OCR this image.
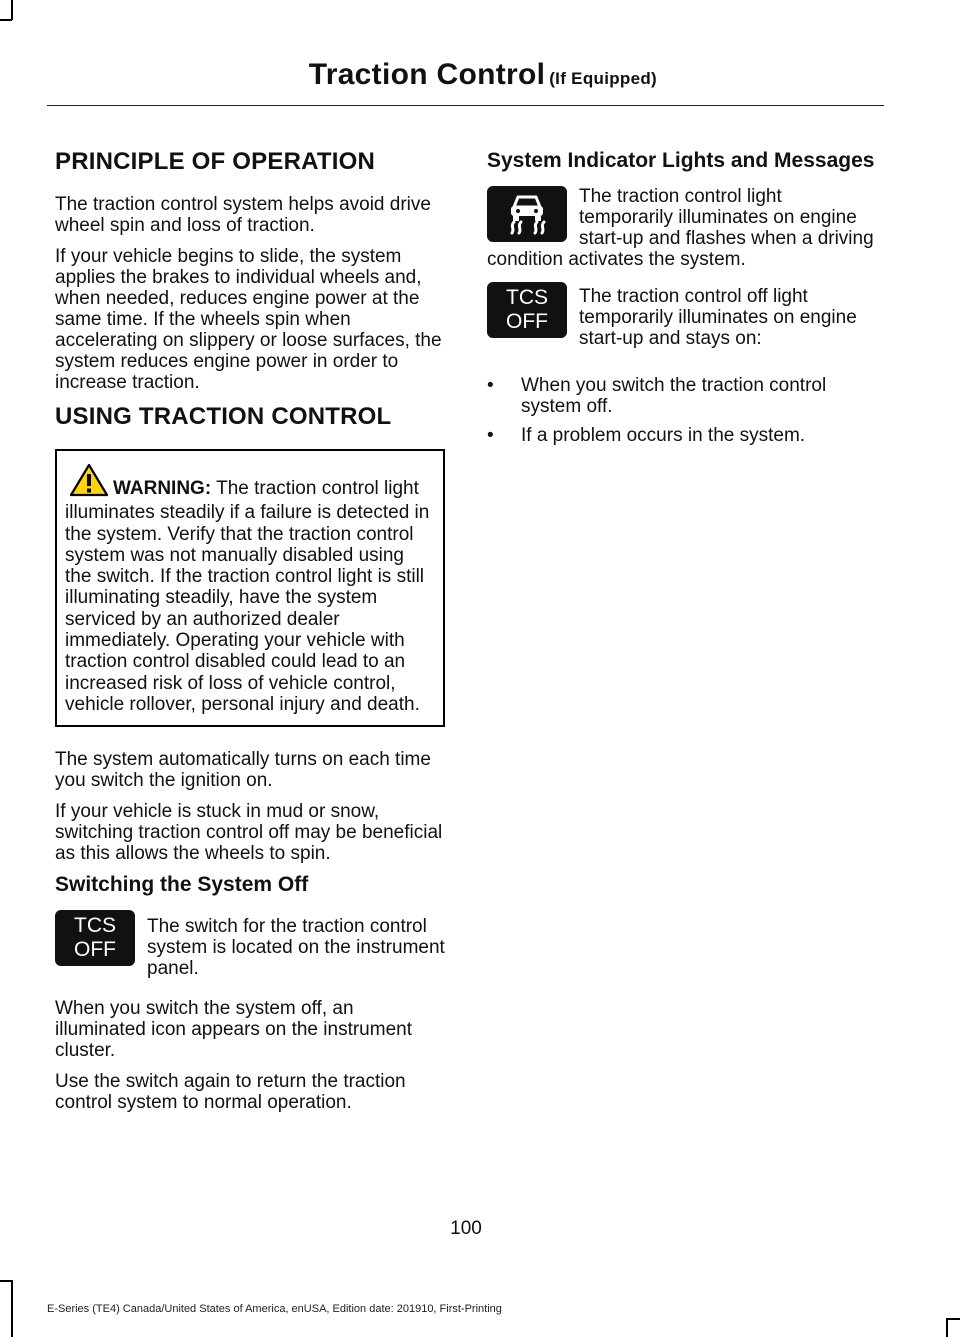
Traction Control (If Equipped)
PRINCIPLE OF OPERATION

The traction control system helps avoid drive wheel spin and loss of traction.

If your vehicle begins to slide, the system applies the brakes to individual wheels and, when needed, reduces engine power at the same time. If the wheels spin when accelerating on slippery or loose surfaces, the system reduces engine power in order to increase traction.

USING TRACTION CONTROL
WARNING: The traction control light illuminates steadily if a failure is detected in the system. Verify that the traction control system was not manually disabled using the switch. If the traction control light is still illuminating steadily, have the system serviced by an authorized dealer immediately. Operating your vehicle with traction control disabled could lead to an increased risk of loss of vehicle control, vehicle rollover, personal injury and death.

The system automatically turns on each time you switch the ignition on.

If your vehicle is stuck in mud or snow, switching traction control off may be beneficial as this allows the wheels to spin.

Switching the System Off
TCS
OFF

The switch for the traction control system is located on the instrument panel.

When you switch the system off, an illuminated icon appears on the instrument cluster.

Use the switch again to return the traction control system to normal operation.

System Indicator Lights and Messages

The traction control light temporarily illuminates on engine start-up and flashes when a driving condition activates the system.

TCS
OFF

The traction control off light temporarily illuminates on engine start-up and stays on:

• When you switch the traction control system off.
• If a problem occurs in the system.
100
E-Series (TE4) Canada/United States of America, enUSA, Edition date: 201910, First-Printing
